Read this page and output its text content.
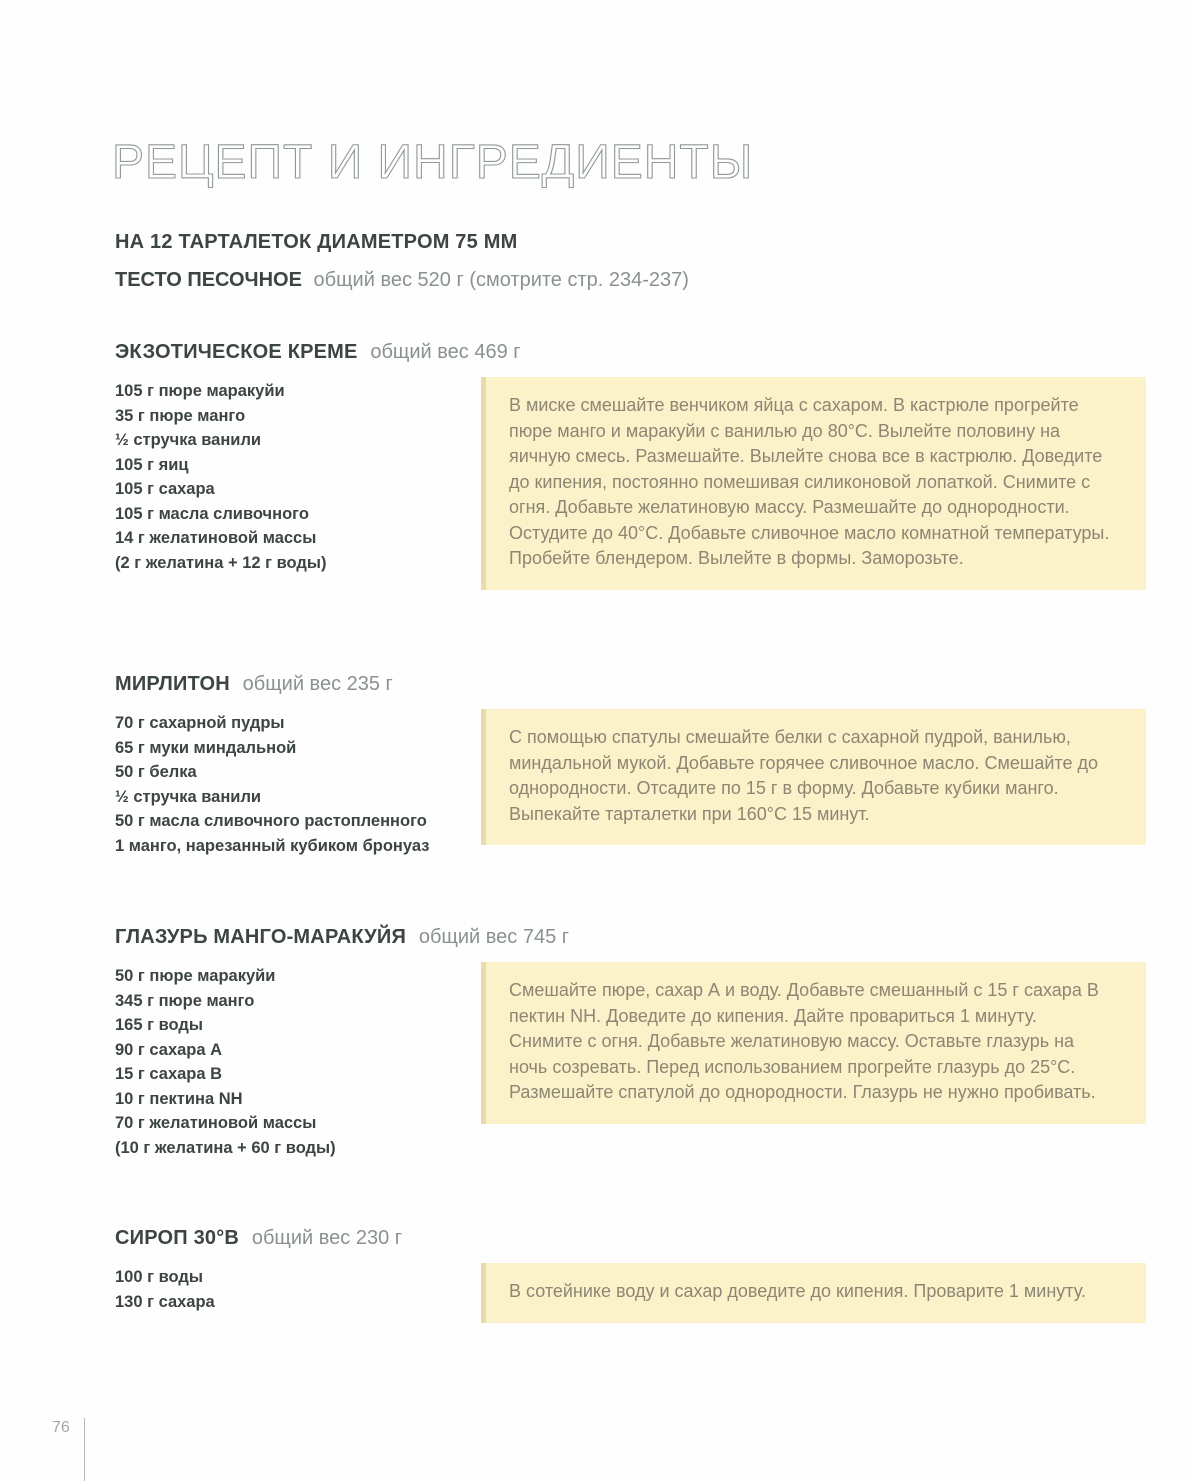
РЕЦЕПТ И ИНГРЕДИЕНТЫ
НА 12 ТАРТАЛЕТОК ДИАМЕТРОМ 75 ММ
ТЕСТО ПЕСОЧНОЕ общий вес 520 г (смотрите стр. 234-237)
ЭКЗОТИЧЕСКОЕ КРЕМЕ общий вес 469 г
105 г пюре маракуйи
35 г пюре манго
½ стручка ванили
105 г яиц
105 г сахара
105 г масла сливочного
14 г желатиновой массы
(2 г желатина + 12 г воды)

В миске смешайте венчиком яйца с сахаром. В кастрюле прогрейте пюре манго и маракуйи с ванилью до 80°С. Вылейте половину на яичную смесь. Размешайте. Вылейте снова все в кастрюлю. Доведите до кипения, постоянно помешивая силиконовой лопаткой. Снимите с огня. Добавьте желатиновую массу. Размешайте до однородности. Остудите до 40°С. Добавьте сливочное масло комнатной температуры. Пробейте блендером. Вылейте в формы. Заморозьте.

МИРЛИТОН общий вес 235 г
70 г сахарной пудры
65 г муки миндальной
50 г белка
½ стручка ванили
50 г масла сливочного растопленного
1 манго, нарезанный кубиком бронуаз

С помощью спатулы смешайте белки с сахарной пудрой, ванилью, миндальной мукой. Добавьте горячее сливочное масло. Смешайте до однородности. Отсадите по 15 г в форму. Добавьте кубики манго. Выпекайте тарталетки при 160°С 15 минут.

ГЛАЗУРЬ МАНГО-МАРАКУЙЯ общий вес 745 г
50 г пюре маракуйи
345 г пюре манго
165 г воды
90 г сахара А
15 г сахара В
10 г пектина NH
70 г желатиновой массы
(10 г желатина + 60 г воды)

Смешайте пюре, сахар А и воду. Добавьте смешанный с 15 г сахара В пектин NH. Доведите до кипения. Дайте провариться 1 минуту. Снимите с огня. Добавьте желатиновую массу. Оставьте глазурь на ночь созревать. Перед использованием прогрейте глазурь до 25°С. Размешайте спатулой до однородности. Глазурь не нужно пробивать.

СИРОП 30°B общий вес 230 г
100 г воды
130 г сахара

В сотейнике воду и сахар доведите до кипения. Проварите 1 минуту.

76
